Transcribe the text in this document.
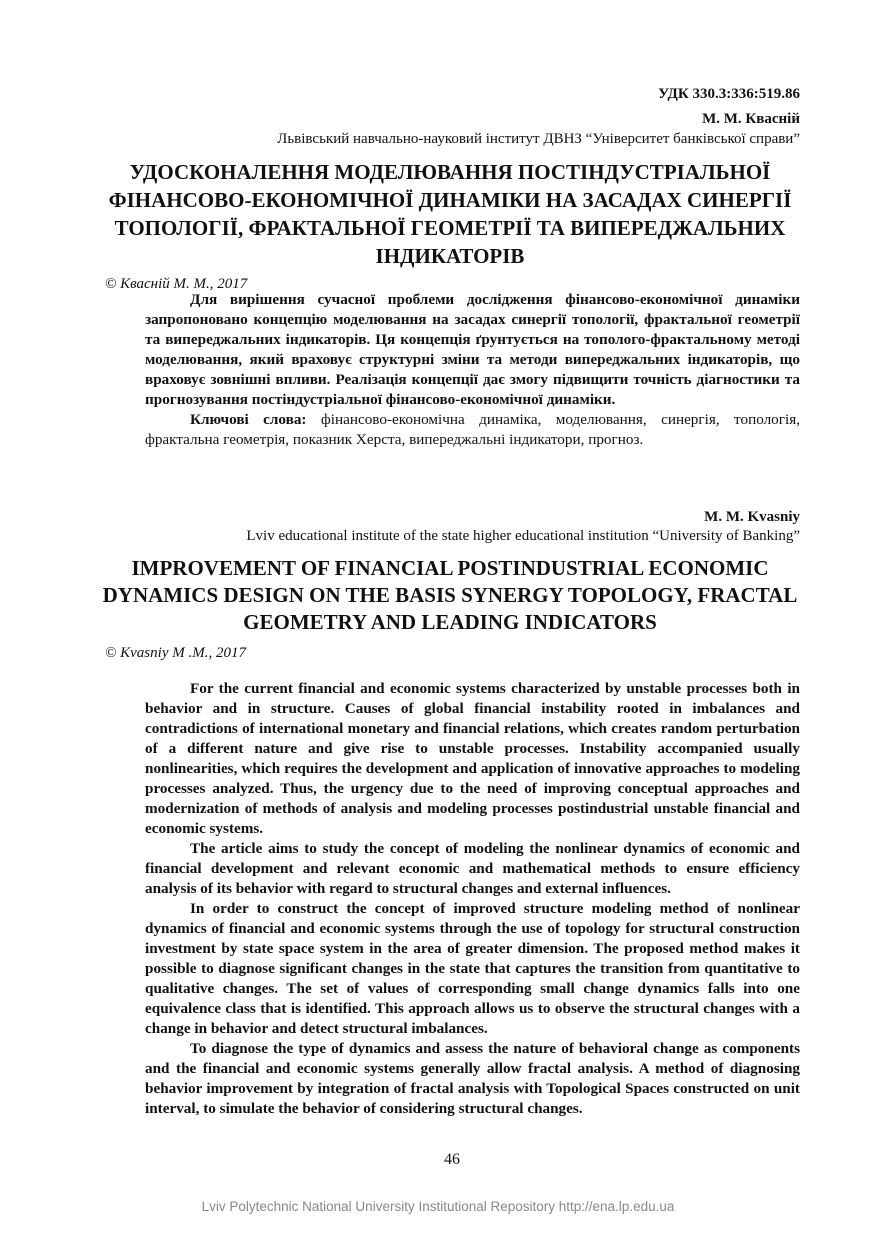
УДК 330.3:336:519.86
М. М. Кваснiй
Львівський навчально-науковий інститут ДВНЗ “Університет банківської справи”
УДОСКОНАЛЕННЯ МОДЕЛЮВАННЯ ПОСТІНДУСТРІАЛЬНОЇ ФІНАНСОВО-ЕКОНОМІЧНОЇ ДИНАМІКИ НА ЗАСАДАХ СИНЕРГІЇ ТОПОЛОГІЇ, ФРАКТАЛЬНОЇ ГЕОМЕТРІЇ ТА ВИПЕРЕДЖАЛЬНИХ ІНДИКАТОРІВ
© Кваснiй М. М., 2017

Для вирішення сучасної проблеми дослідження фінансово-економічної динаміки запропоновано концепцію моделювання на засадах синергії топології, фрактальної геометрії та випереджальних індикаторів. Ця концепція ґрунтується на тополого-фрактальному методі моделювання, який враховує структурні зміни та методи випереджальних індикаторів, що враховує зовнішні впливи. Реалізація концепції дає змогу підвищити точність діагностики та прогнозування постіндустріальної фінансово-економічної динаміки.

Ключові слова: фінансово-економічна динаміка, моделювання, синергія, топологія, фрактальна геометрія, показник Херста, випереджальні індикатори, прогноз.

M. M. Kvasniy
Lviv educational institute of the state higher educational institution “University of Banking”
IMPROVEMENT OF FINANCIAL POSTINDUSTRIAL ECONOMIC DYNAMICS DESIGN ON THE BASIS SYNERGY TOPOLOGY, FRACTAL GEOMETRY AND LEADING INDICATORS
© Kvasniy M .M., 2017

For the current financial and economic systems characterized by unstable processes both in behavior and in structure. Causes of global financial instability rooted in imbalances and contradictions of international monetary and financial relations, which creates random perturbation of a different nature and give rise to unstable processes. Instability accompanied usually nonlinearities, which requires the development and application of innovative approaches to modeling processes analyzed. Thus, the urgency due to the need of improving conceptual approaches and modernization of methods of analysis and modeling processes postindustrial unstable financial and economic systems.

The article aims to study the concept of modeling the nonlinear dynamics of economic and financial development and relevant economic and mathematical methods to ensure efficiency analysis of its behavior with regard to structural changes and external influences.

In order to construct the concept of improved structure modeling method of nonlinear dynamics of financial and economic systems through the use of topology for structural construction investment by state space system in the area of greater dimension. The proposed method makes it possible to diagnose significant changes in the state that captures the transition from quantitative to qualitative changes. The set of values of corresponding small change dynamics falls into one equivalence class that is identified. This approach allows us to observe the structural changes with a change in behavior and detect structural imbalances.

To diagnose the type of dynamics and assess the nature of behavioral change as components and the financial and economic systems generally allow fractal analysis. A method of diagnosing behavior improvement by integration of fractal analysis with Topological Spaces constructed on unit interval, to simulate the behavior of considering structural changes.

46
Lviv Polytechnic National University Institutional Repository http://ena.lp.edu.ua
